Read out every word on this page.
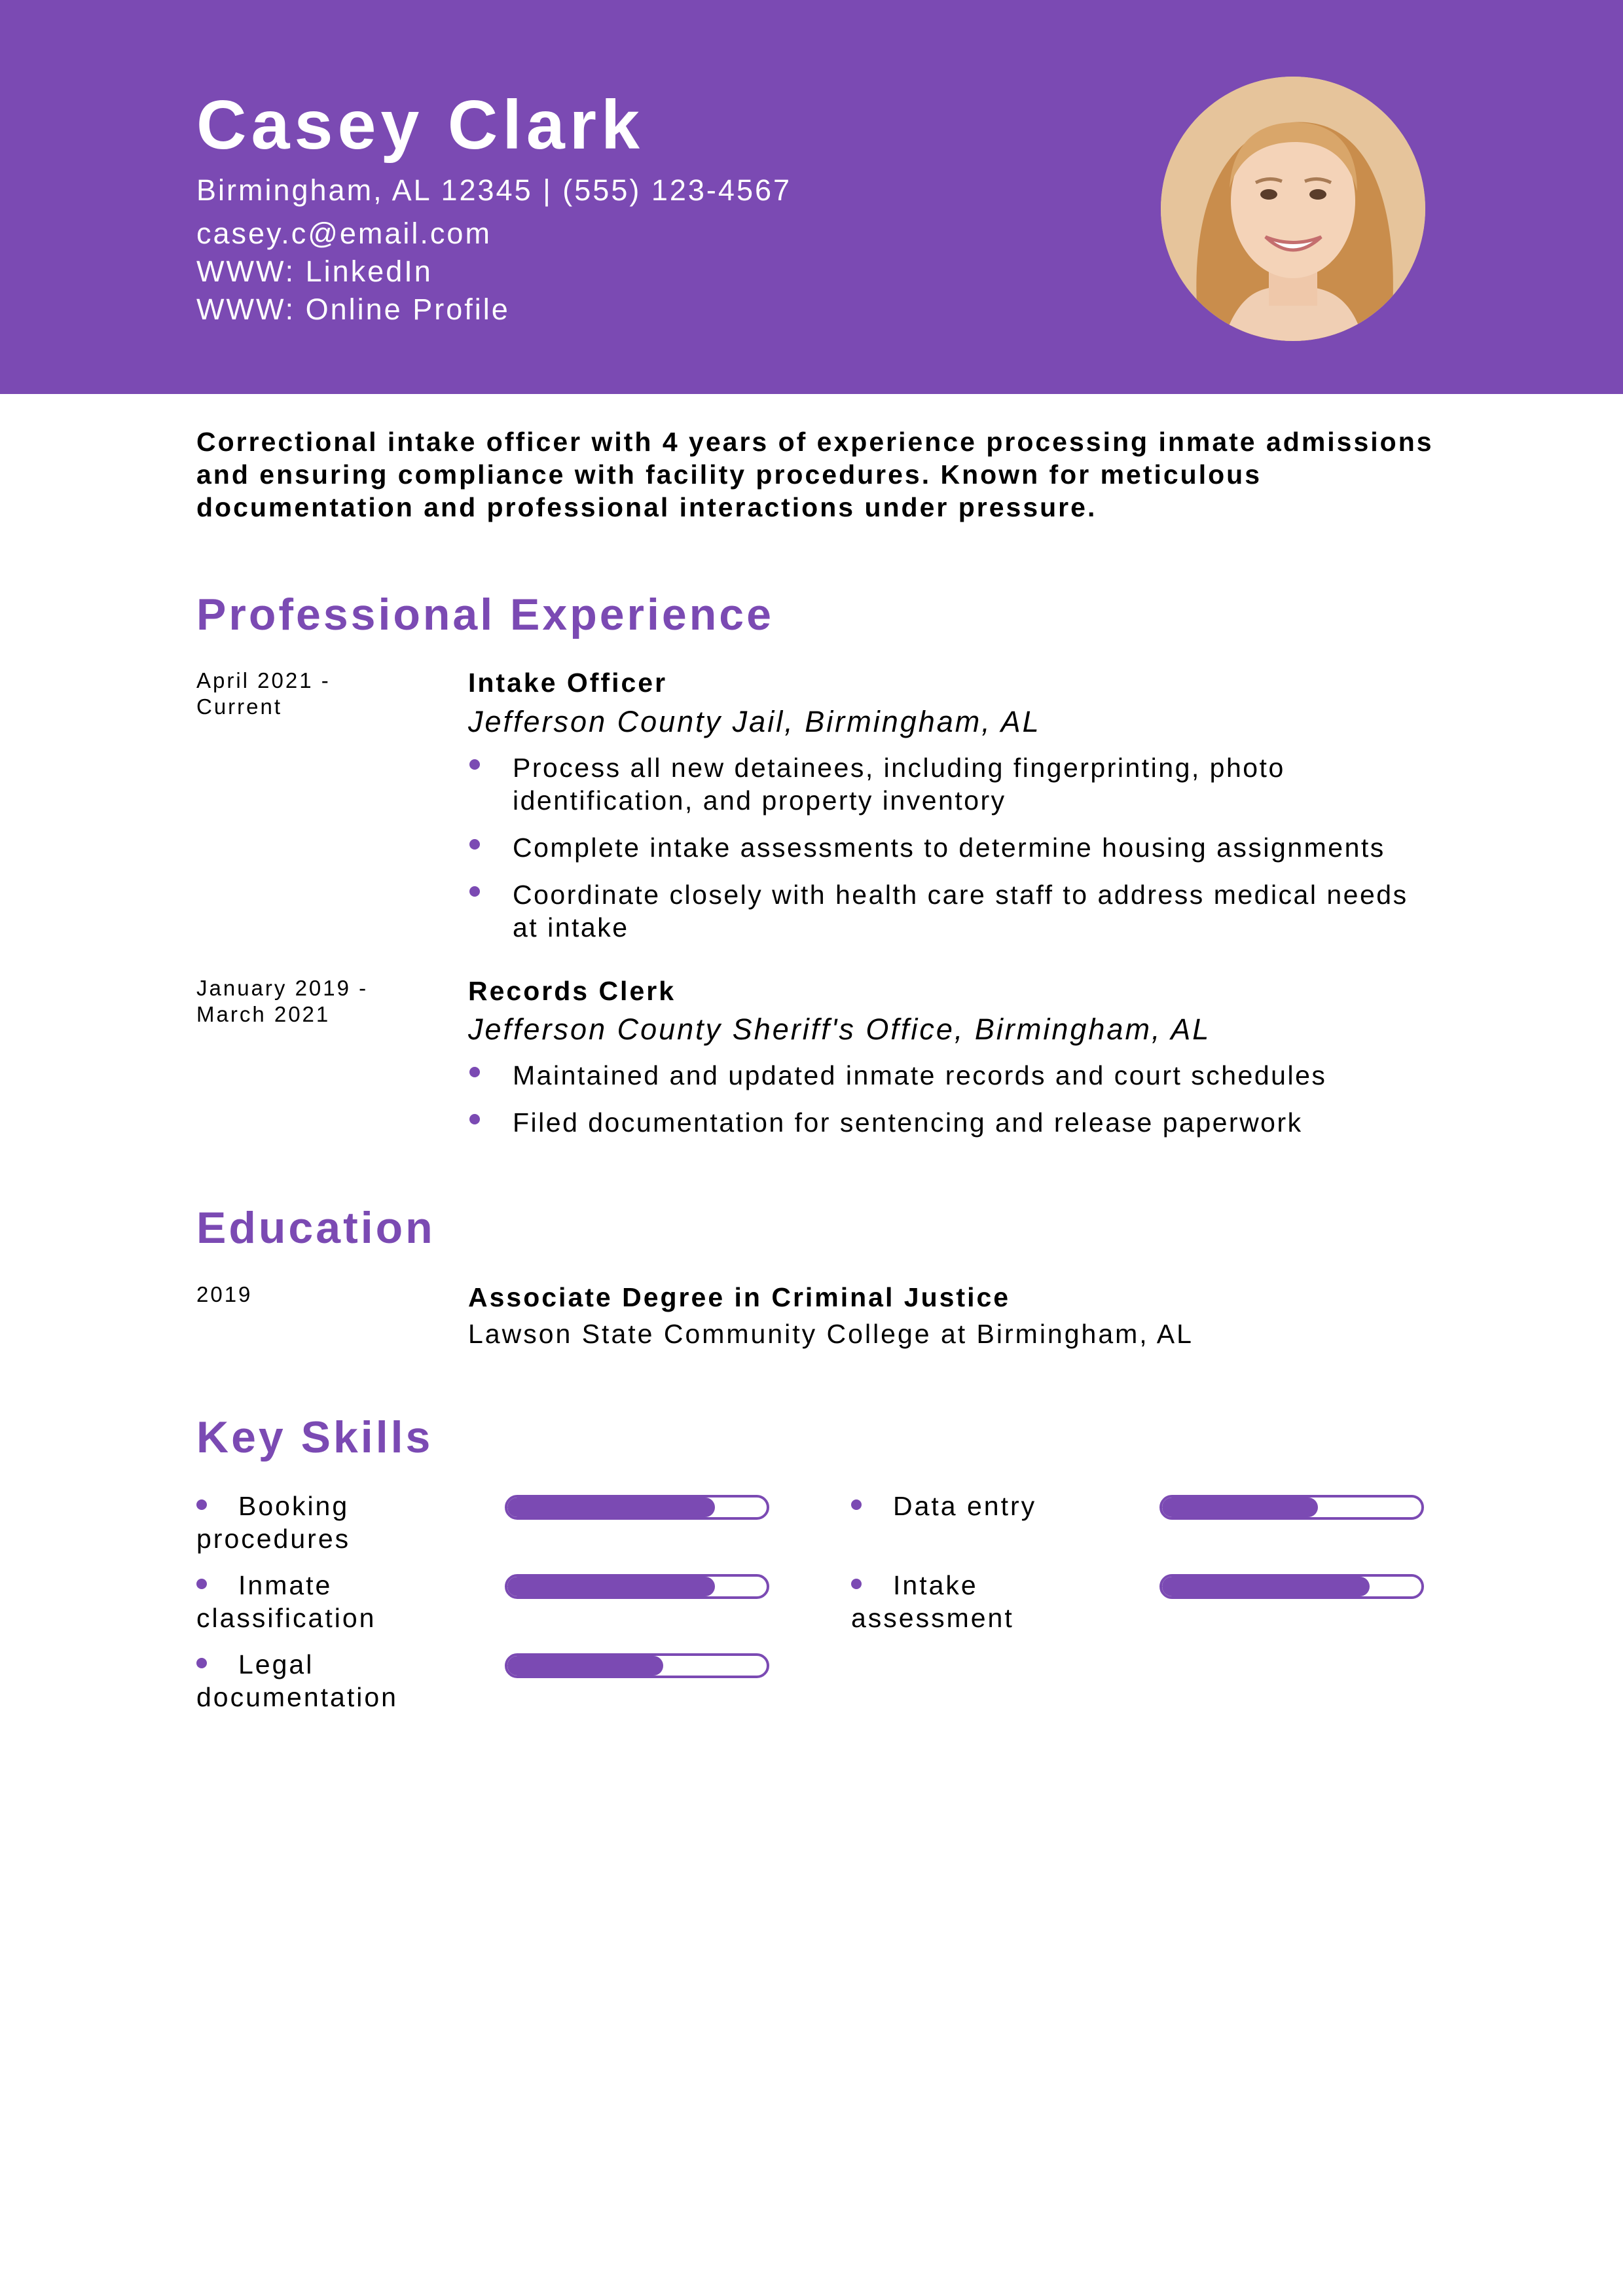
Casey Clark
Birmingham, AL 12345 | (555) 123-4567
casey.c@email.com
WWW: LinkedIn
WWW: Online Profile
Correctional intake officer with 4 years of experience processing inmate admissions and ensuring compliance with facility procedures. Known for meticulous documentation and professional interactions under pressure.
Professional Experience
April 2021 - Current
Intake Officer
Jefferson County Jail, Birmingham, AL
Process all new detainees, including fingerprinting, photo identification, and property inventory
Complete intake assessments to determine housing assignments
Coordinate closely with health care staff to address medical needs at intake
January 2019 - March 2021
Records Clerk
Jefferson County Sheriff's Office, Birmingham, AL
Maintained and updated inmate records and court schedules
Filed documentation for sentencing and release paperwork
Education
2019	Associate Degree in Criminal Justice
Lawson State Community College at Birmingham, AL
Key Skills
Booking procedures
Data entry
Inmate classification
Intake assessment
Legal documentation
